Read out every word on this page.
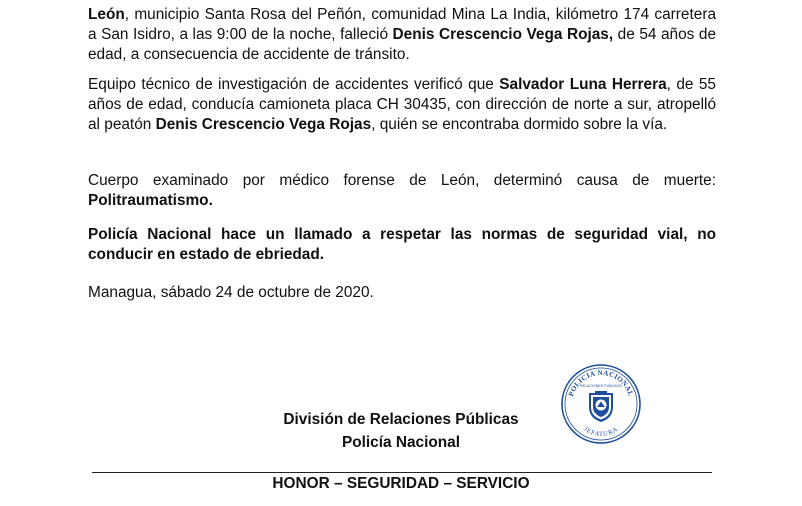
León, municipio Santa Rosa del Peñón, comunidad Mina La India, kilómetro 174 carretera a San Isidro, a las 9:00 de la noche, falleció Denis Crescencio Vega Rojas, de 54 años de edad, a consecuencia de accidente de tránsito.

Equipo técnico de investigación de accidentes verificó que Salvador Luna Herrera, de 55 años de edad, conducía camioneta placa CH 30435, con dirección de norte a sur, atropelló al peatón Denis Crescencio Vega Rojas, quién se encontraba dormido sobre la vía.

Cuerpo examinado por médico forense de León, determinó causa de muerte: Politraumatismo.

Policía Nacional hace un llamado a respetar las normas de seguridad vial, no conducir en estado de ebriedad.

Managua, sábado 24 de octubre de 2020.

División de Relaciones Públicas
Policía Nacional
POLICIA NACIONAL
RELACIONES PUBLICAS
JEFATURA
HONOR – SEGURIDAD – SERVICIO
